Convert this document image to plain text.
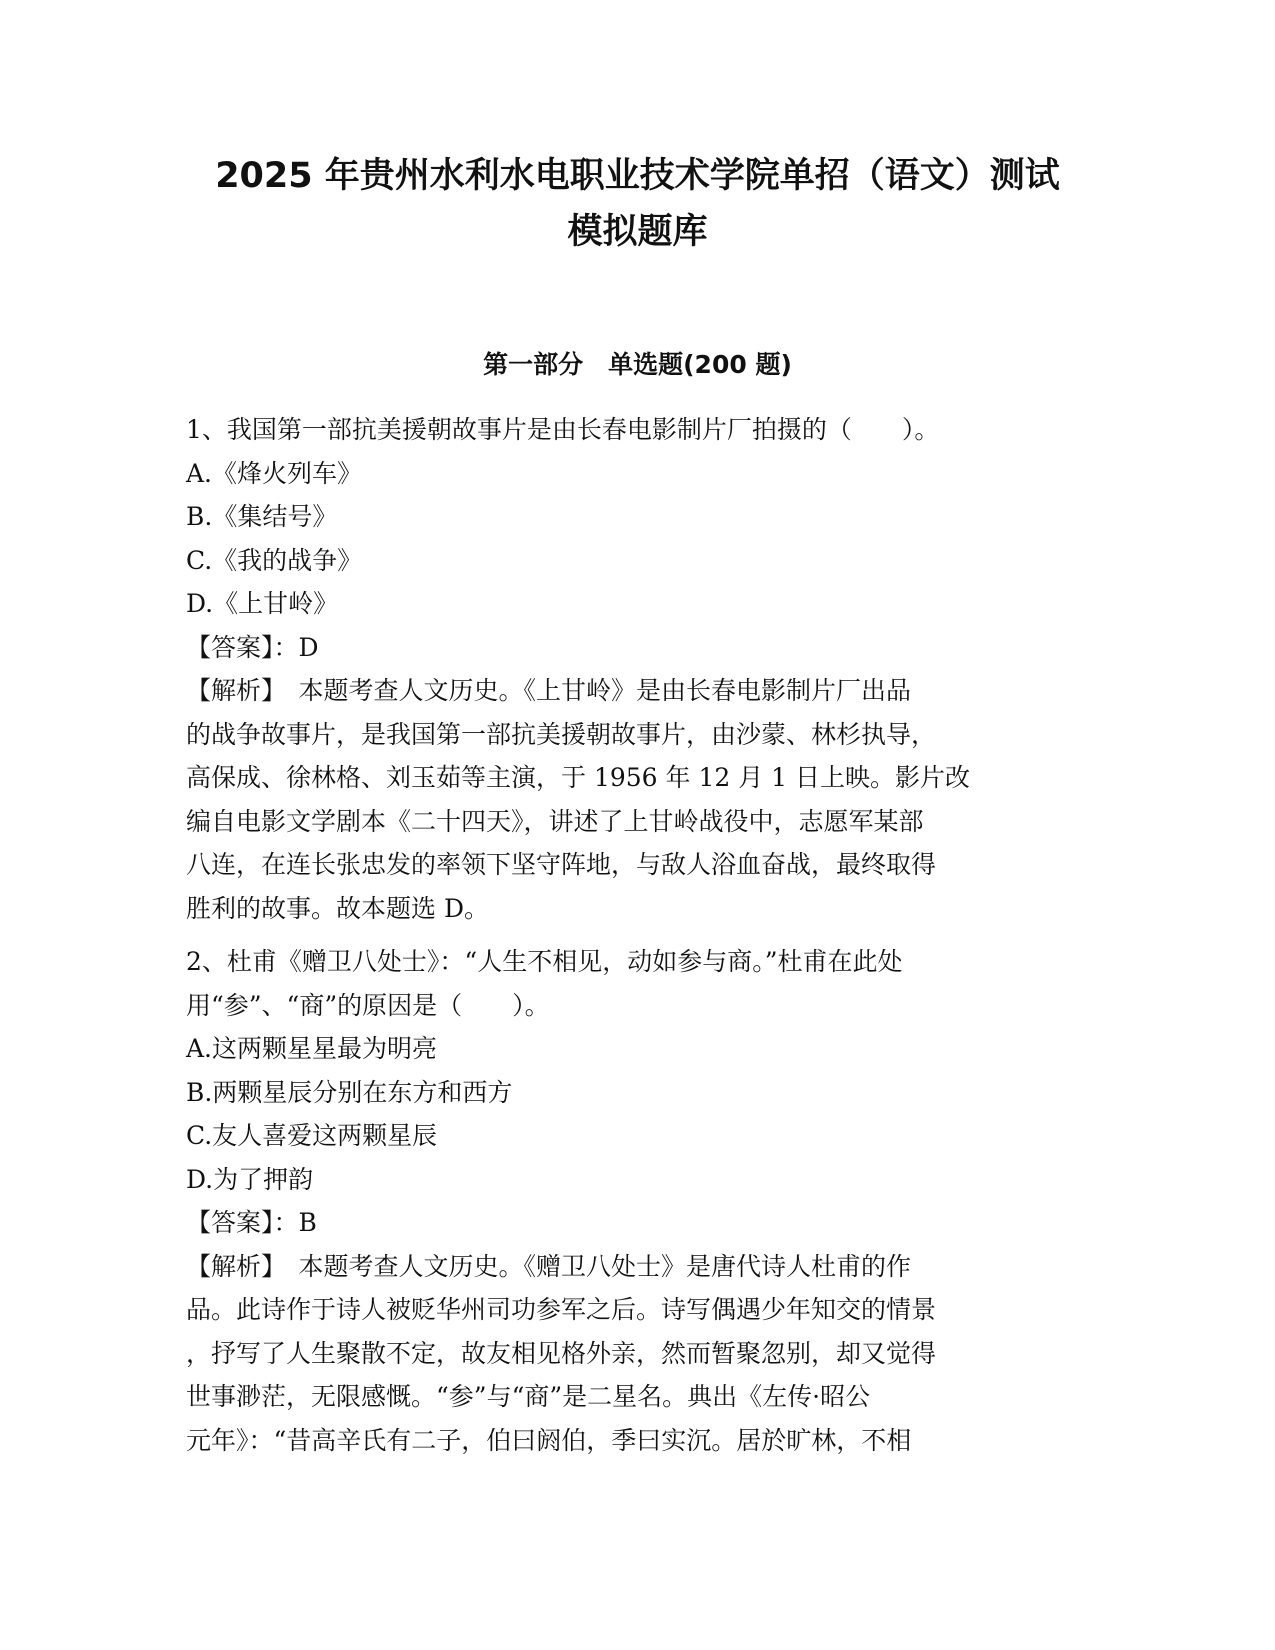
2025 年贵州水利水电职业技术学院单招（语文）测试
模拟题库
第一部分　单选题(200 题)

1、我国第一部抗美援朝故事片是由长春电影制片厂拍摄的（　　）。

A.《烽火列车》

B.《集结号》

C.《我的战争》

D.《上甘岭》

【答案】：D

【解析】　 本题考查人文历史。《上甘岭》是由长春电影制片厂出品

的战争故事片，是我国第一部抗美援朝故事片，由沙蒙、林杉执导，

高保成、徐林格、刘玉茹等主演，于 1956 年 12 月 1 日上映。影片改

编自电影文学剧本《二十四天》，讲述了上甘岭战役中，志愿军某部

八连，在连长张忠发的率领下坚守阵地，与敌人浴血奋战，最终取得

胜利的故事。故本题选 D。

2、杜甫《赠卫八处士》：“人生不相见，动如参与商。”杜甫在此处

用“参”、“商”的原因是（　　）。

A.这两颗星星最为明亮

B.两颗星辰分别在东方和西方

C.友人喜爱这两颗星辰

D.为了押韵

【答案】：B

【解析】　 本题考查人文历史。《赠卫八处士》是唐代诗人杜甫的作

品。此诗作于诗人被贬华州司功参军之后。诗写偶遇少年知交的情景

，抒写了人生聚散不定，故友相见格外亲，然而暂聚忽别，却又觉得

世事渺茫，无限感慨。“参”与“商”是二星名。典出《左传·昭公

元年》：“昔高辛氏有二子，伯曰阏伯，季曰实沉。居於旷林，不相
